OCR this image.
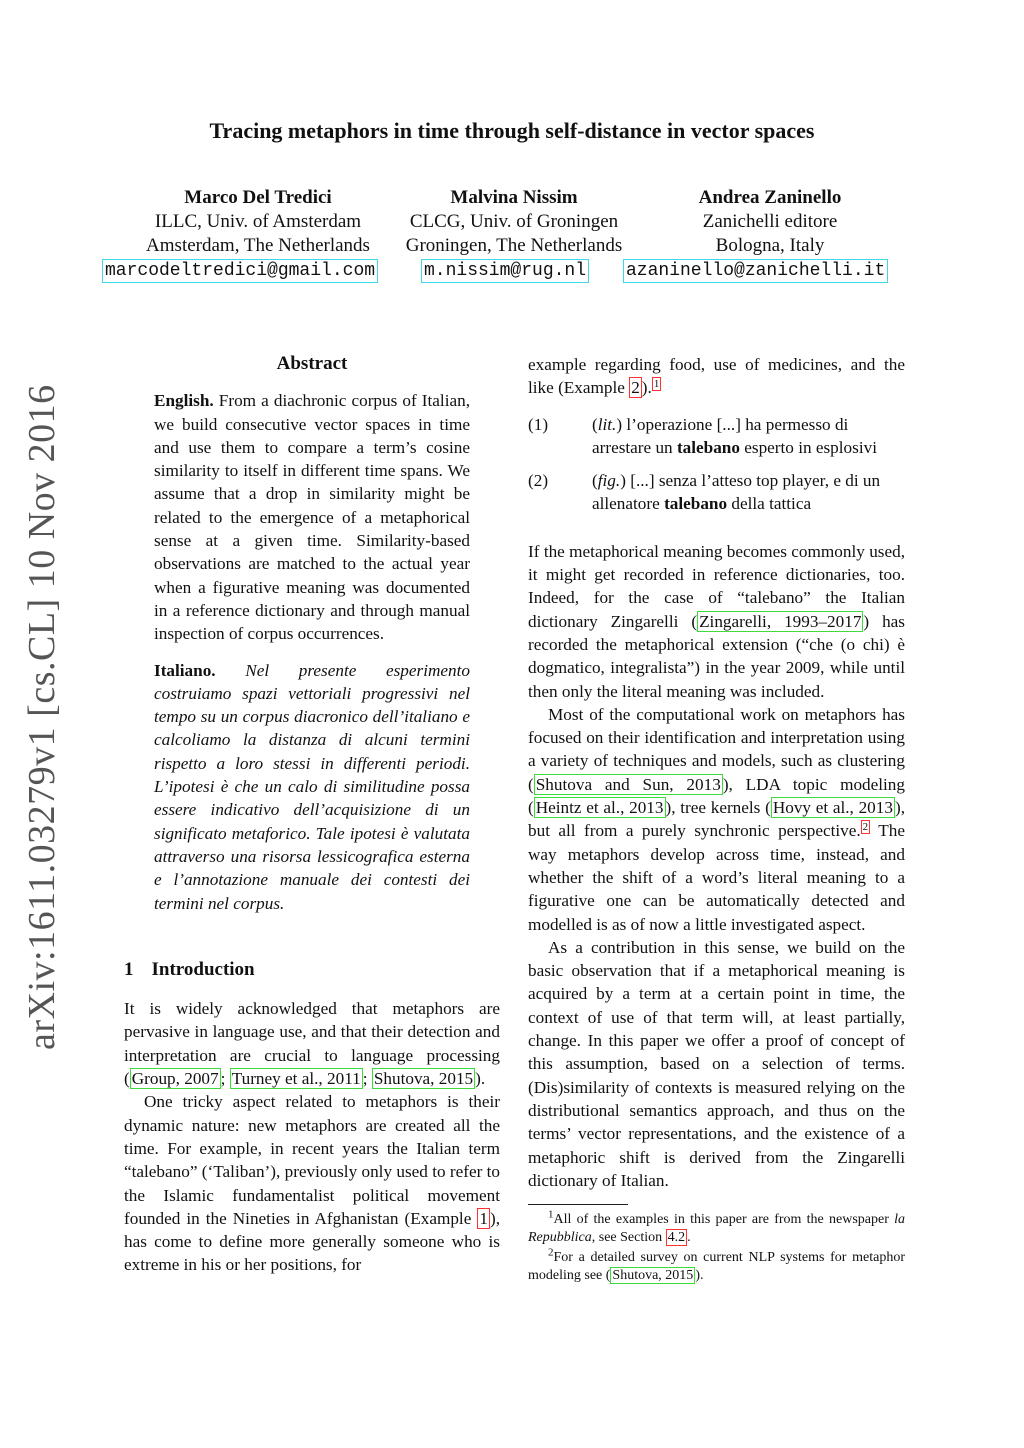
Tracing metaphors in time through self-distance in vector spaces
Marco Del Tredici
ILLC, Univ. of Amsterdam
Amsterdam, The Netherlands
Malvina Nissim
CLCG, Univ. of Groningen
Groningen, The Netherlands
Andrea Zaninello
Zanichelli editore
Bologna, Italy
marcodeltredici@gmail.com	m.nissim@rug.nl azaninello@zanichelli.it
arXiv:1611.03279v1 [cs.CL] 10 Nov 2016
Abstract

English. From a diachronic corpus of Italian, we build consecutive vector spaces in time and use them to compare a term’s cosine similarity to itself in different time spans. We assume that a drop in similarity might be related to the emergence of a metaphorical sense at a given time. Similarity-based observations are matched to the actual year when a figurative meaning was documented in a reference dictionary and through manual inspection of corpus occurrences.

Italiano. Nel presente esperimento costruiamo spazi vettoriali progressivi nel tempo su un corpus diacronico dell’italiano e calcoliamo la distanza di alcuni termini rispetto a loro stessi in differenti periodi. L’ipotesi è che un calo di similitudine possa essere indicativo dell’acquisizione di un significato metaforico. Tale ipotesi è valutata attraverso una risorsa lessicografica esterna e l’annotazione manuale dei contesti dei termini nel corpus.

1 Introduction

It is widely acknowledged that metaphors are pervasive in language use, and that their detection and interpretation are crucial to language processing ( Group, 2007 ; Turney et al., 2011 ; Shutova, 2015 ).

One tricky aspect related to metaphors is their dynamic nature: new metaphors are created all the time. For example, in recent years the Italian term “talebano” (‘Taliban’), previously only used to refer to the Islamic fundamentalist political movement founded in the Nineties in Afghanistan (Example 1 ), has come to define more generally someone who is extreme in his or her positions, for

example regarding food, use of medicines, and the like (Example 2 ). $^1$

(1)	(lit.) l’operazione [...] ha permesso di arrestare un talebano esperto in esplosivi
(2)	(fig.) [...] senza l’atteso top player, e di un allenatore talebano della tattica

If the metaphorical meaning becomes commonly used, it might get recorded in reference dictionaries, too. Indeed, for the case of “talebano” the Italian dictionary Zingarelli ( Zingarelli, 1993–2017 ) has recorded the metaphorical extension (“che (o chi) è dogmatico, integralista”) in the year 2009, while until then only the literal meaning was included.

Most of the computational work on metaphors has focused on their identification and interpretation using a variety of techniques and models, such as clustering ( Shutova and Sun, 2013 ), LDA topic modeling ( Heintz et al., 2013 ), tree kernels ( Hovy et al., 2013 ), but all from a purely synchronic perspective. $^2$ The way metaphors develop across time, instead, and whether the shift of a word’s literal meaning to a figurative one can be automatically detected and modelled is as of now a little investigated aspect.

As a contribution in this sense, we build on the basic observation that if a metaphorical meaning is acquired by a term at a certain point in time, the context of use of that term will, at least partially, change. In this paper we offer a proof of concept of this assumption, based on a selection of terms. (Dis)similarity of contexts is measured relying on the distributional semantics approach, and thus on the terms’ vector representations, and the existence of a metaphoric shift is derived from the Zingarelli dictionary of Italian.

$^1$All of the examples in this paper are from the newspaper la Repubblica, see Section 4.2 .

$^2$For a detailed survey on current NLP systems for metaphor modeling see ( Shutova, 2015 ).
